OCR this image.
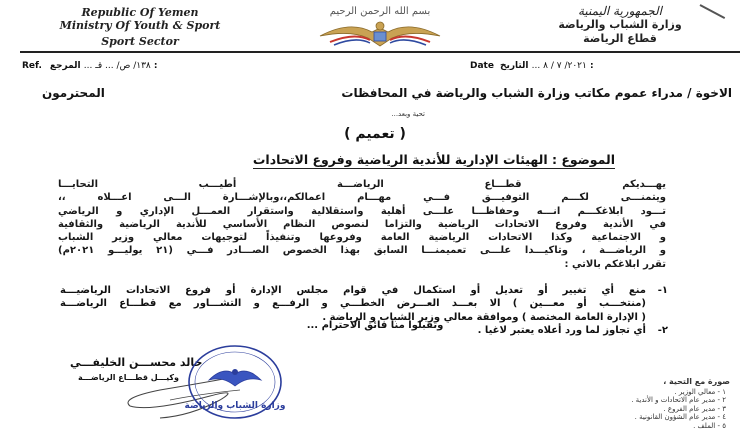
Republic Of Yemen
Ministry Of Youth & Sport
Sport Sector
الجمهورية اليمنية
وزارة الشباب والرياضة
قطاع الرياضة
بسم الله الرحمن الرحيم
Ref.	١٣٨/ ص/ ... قـ ... المرجع :	Date	٢٠٢١/ ٧ / ٨ ... التاريخ :
الاخوة / مدراء عموم مكاتب وزارة الشباب والرياضة في المحافظات
المحترمون
تحية وبعد...
( تعميم )
الموضوع : الهيئات الإدارية للأندية الرياضية وفروع الاتحادات

يهـــديكم قطـــاع الرياضـــة أطيـــب التحايـــا

ويتمنـــى لكـــم التوفيـــق فـــي مهـــام اعمالكم،،وبالإشـــارة الـــى اعـــلاه ،،

تـــود ابلاغكـــم انـــه وحفاظـــا علـــى أهلية واستقلالية واستقرار العمـــل الإداري و الرياضي

في الأندية وفروع الاتحادات الرياضية والتزاما لنصوص النظام الأساسي للأندية الرياضية والثقافية

و الاجتماعية وكذا الاتحادات الرياضية العامة وفروعها وتنفيذاً لتوجيهات معالي وزير الشباب

و الرياضـــة ، وتاكيـــدا علـــى تعميمنـــا السابق بهذا الخصوص الصـــادر فـــي (٢١ يوليـــو ٢٠٢١م)

تقرر ابلاغكم بالاتي :

١-
منع أي تغيير أو تعديل أو استكمال في قوام مجلس الإدارة أو فروع الاتحادات الرياضيـــة
(منتخـــب أو معـــين ) الا بعـــد العـــرض الخطـــي و الرفـــع و التشـــاور مع قطـــاع الرياضـــة
( الإدارة العامة المختصة ) وموافقة معالي وزير الشباب و الرياضة .
٢-
أي تجاوز لما ورد أعلاه يعتبر لاغيا .
وتقبلوا منا فائق الاحترام ...
خالد محســـن الخليفـــي
وكيـــل قطـــاع الرياضـــة
وزارة الشباب والرياضة
صورة مع التحية ،
١ - معالي الوزير .
٢ - مدير عام الاتحادات و الأندية .
٣ - مدير عام الفروع .
٤ - مدير عام الشؤون القانونية .
٥ - الملف .
